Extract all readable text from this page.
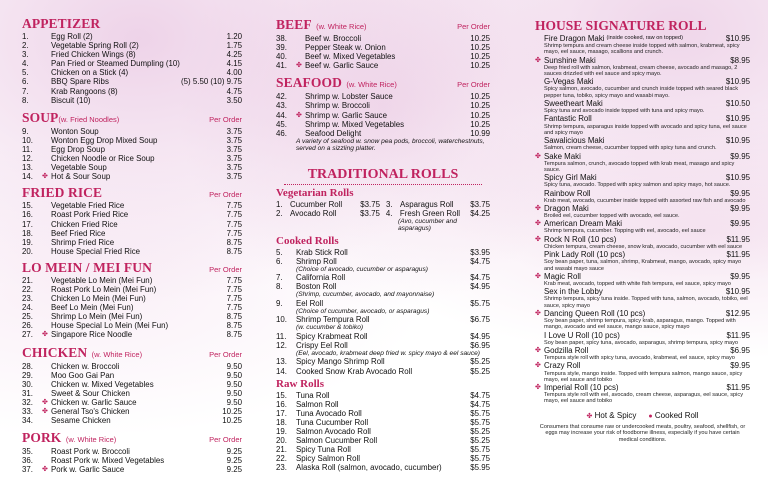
APPETIZER
1.	Egg Roll (2)	1.20
2.	Vegetable Spring Roll (2)	1.75
3.	Fried Chicken Wings (8)	4.25
4.	Pan Fried or Steamed Dumpling (10)	4.15
5.	Chicken on a Stick (4)	4.00
6.	BBQ Spare Ribs	(5) 5.50 (10) 9.75
7.	Krab Rangoons (8)	4.75
8.	Biscuit (10)	3.50
SOUP(w. Fried Noodles)	Per Order
9.	Wonton Soup	3.75
10.	Wonton Egg Drop Mixed Soup	3.75
11.	Egg Drop Soup	3.75
12.	Chicken Noodle or Rice Soup	3.75
13.	Vegetable Soup	3.75
14.	✤ Hot & Sour Soup	3.75
FRIED RICE	Per Order
15.	Vegetable Fried Rice	7.75
16.	Roast Pork Fried Rice	7.75
17.	Chicken Fried Rice	7.75
18.	Beef Fried Rice	7.75
19.	Shrimp Fried Rice	8.75
20.	House Special Fried Rice	8.75
LO MEIN / MEI FUN	Per Order
21.	Vegetable Lo Mein (Mei Fun)	7.75
22.	Roast Pork Lo Mein (Mei Fun)	7.75
23.	Chicken Lo Mein (Mei Fun)	7.75
24.	Beef Lo Mein (Mei Fun)	7.75
25.	Shrimp Lo Mein (Mei Fun)	8.75
26.	House Special Lo Mein (Mei Fun)	8.75
27.	✤ Singapore Rice Noodle	8.75
CHICKEN (w. White Rice)	Per Order
28.	Chicken w. Broccoli	9.50
29.	Moo Goo Gai Pan	9.50
30.	Chicken w. Mixed Vegetables	9.50
31.	Sweet & Sour Chicken	9.50
32.	✤ Chicken w. Garlic Sauce	9.50
33.	✤ General Tso's Chicken	10.25
34.	Sesame Chicken	10.25
PORK (w. White Rice)	Per Order
35.	Roast Pork w. Broccoli	9.25
36.	Roast Pork w. Mixed Vegetables	9.25
37.	✤ Pork w. Garlic Sauce	9.25
BEEF (w. White Rice)	Per Order
38.	Beef w. Broccoli	10.25
39.	Pepper Steak w. Onion	10.25
40.	Beef w. Mixed Vegetables	10.25
41.	✤ Beef w. Garlic Sauce	10.25
SEAFOOD (w. White Rice)	Per Order
42.	Shrimp w. Lobster Sauce	10.25
43.	Shrimp w. Broccoli	10.25
44.	✤ Shrimp w. Garlic Sauce	10.25
45.	Shrimp w. Mixed Vegetables	10.25
46.	Seafood Delight	10.99
A variety of seafood w. snow pea pods, broccoli, waterchestnuts, served on a sizzling platter.
TRADITIONAL ROLLS
Vegetarian Rolls
1. Cucumber Roll	$3.75 3. Asparagus Roll	$3.75
2. Avocado Roll	$3.75 4. Fresh Green Roll	$4.25
(Avo, cucumber and asparagus)
Cooked Rolls
5.	Krab Stick Roll	$3.95
6.	Shrimp Roll	$4.75
(Choice of avocado, cucumber or asparagus)
7.	California Roll	$4.75
8.	Boston Roll	$4.95
(Shrimp, cucumber, avocado, and mayonnaise)
9.	Eel Roll	$5.75
(Choice of cucumber, avocado, or asparagus)
10.	Shrimp Tempura Roll	$6.75
(w. cucumber & tobiko)
11.	Spicy Krabmeat Roll	$4.95
12.	Crispy Eel Roll	$6.95
(Eel, avocado, krabmeat deep fried w. spicy mayo & eel sauce)
13.	Spicy Mango Shrimp Roll	$5.25
14.	Cooked Snow Krab Avocado Roll	$5.25
Raw Rolls
15.	Tuna Roll	$4.75
16.	Salmon Roll	$4.75
17.	Tuna Avocado Roll	$5.75
18.	Tuna Cucumber Roll	$5.75
19.	Salmon Avocado Roll	$5.25
20.	Salmon Cucumber Roll	$5.25
21.	Spicy Tuna Roll	$5.75
22.	Spicy Salmon Roll	$5.75
23.	Alaska Roll (salmon, avocado, cucumber)	$5.95
HOUSE SIGNATURE ROLL
Fire Dragon Maki (inside cooked, raw on topped)	$10.95
Shrimp tempura and cream cheese inside topped with salmon, krabmeat, spicy mayo, eel sauce, masago, scallions and crunch.
✤ Sunshine Maki	$8.95
Deep fried roll with salmon, krabmeat, cream cheese, avocado and masago, 2 sauces drizzled with eel sauce and spicy mayo.
G-Vegas Maki	$10.95
Spicy salmon, avocado, cucumber and crunch inside topped with seared black pepper tuna, tobiko, spicy mayo and wasabi mayo.
Sweetheart Maki	$10.50
Spicy tuna and avocado inside topped with tuna and spicy mayo.
Fantastic Roll	$10.95
Shrimp tempura, asparagus inside topped with avocado and spicy tuna, eel sauce and spicy mayo
Sawalicious Maki	$10.95
Salmon, cream cheese, cucumber topped with spicy tuna and crunch.
✤ Sake Maki	$9.95
Tempura salmon, crunch, avocado topped with krab meat, masago and spicy sauce.
Spicy Girl Maki	$10.95
Spicy tuna, avocado. Topped with spicy salmon and spicy mayo, hot sauce.
Rainbow Roll	$9.95
Krab meat, avocado, cucumber inside topped with assorted raw fish and avocado
✤ Dragon Maki	$9.95
Broiled eel, cucumber topped with avocado, eel sauce.
✤ American Dream Maki	$9.95
Shrimp tempura, cucumber. Topping with eel, avocado, eel sauce
✤ Rock N Roll (10 pcs)	$11.95
Chicken tempura, cream cheese, snow krab, avocado, cucumber with eel sauce
Pink Lady Roll (10 pcs)	$11.95
Soy bean paper, tuna, salmon, shrimp, Krabmeat, mango, avocado, spicy mayo and wasabi mayo sauce
✤ Magic Roll	$9.95
Krab meat, avocado, topped with white fish tempura, eel sauce, spicy mayo
Sex in the Lobby	$10.95
Shrimp tempura, spicy tuna inside. Topped with tuna, salmon, avocado, tobiko, eel sauce, spicy mayo
✤ Dancing Queen Roll (10 pcs)	$12.95
Soy bean paper, shrimp tempura, spicy krab, asparagus, mango. Topped with mango, avocado and eel sauce, mango sauce, spicy mayo
I Love U Roll (10 pcs)	$11.95
Soy bean paper, spicy tuna, avocado, asparagus, shrimp tempura, spicy mayo
✤ Godzilla Roll	$6.95
Tempura style roll with spicy tuna, avocado, krabmeat, eel sauce, spicy mayo
✤ Crazy Roll	$9.95
Tempura style, mango inside. Topped with tempura salmon, mango sauce, spicy mayo, eel sauce and tobiko
✤ Imperial Roll (10 pcs)	$11.95
Tempura style roll with eel, avocado, cream cheese, asparagus, eel sauce, spicy mayo, eel sauce and tobiko
✤ Hot & Spicy ● Cooked Roll
Consumers that consume raw or undercooked meats, poultry, seafood, shellfish, or eggs may increase your risk of foodborne illness, especially if you have certain medical conditions.
